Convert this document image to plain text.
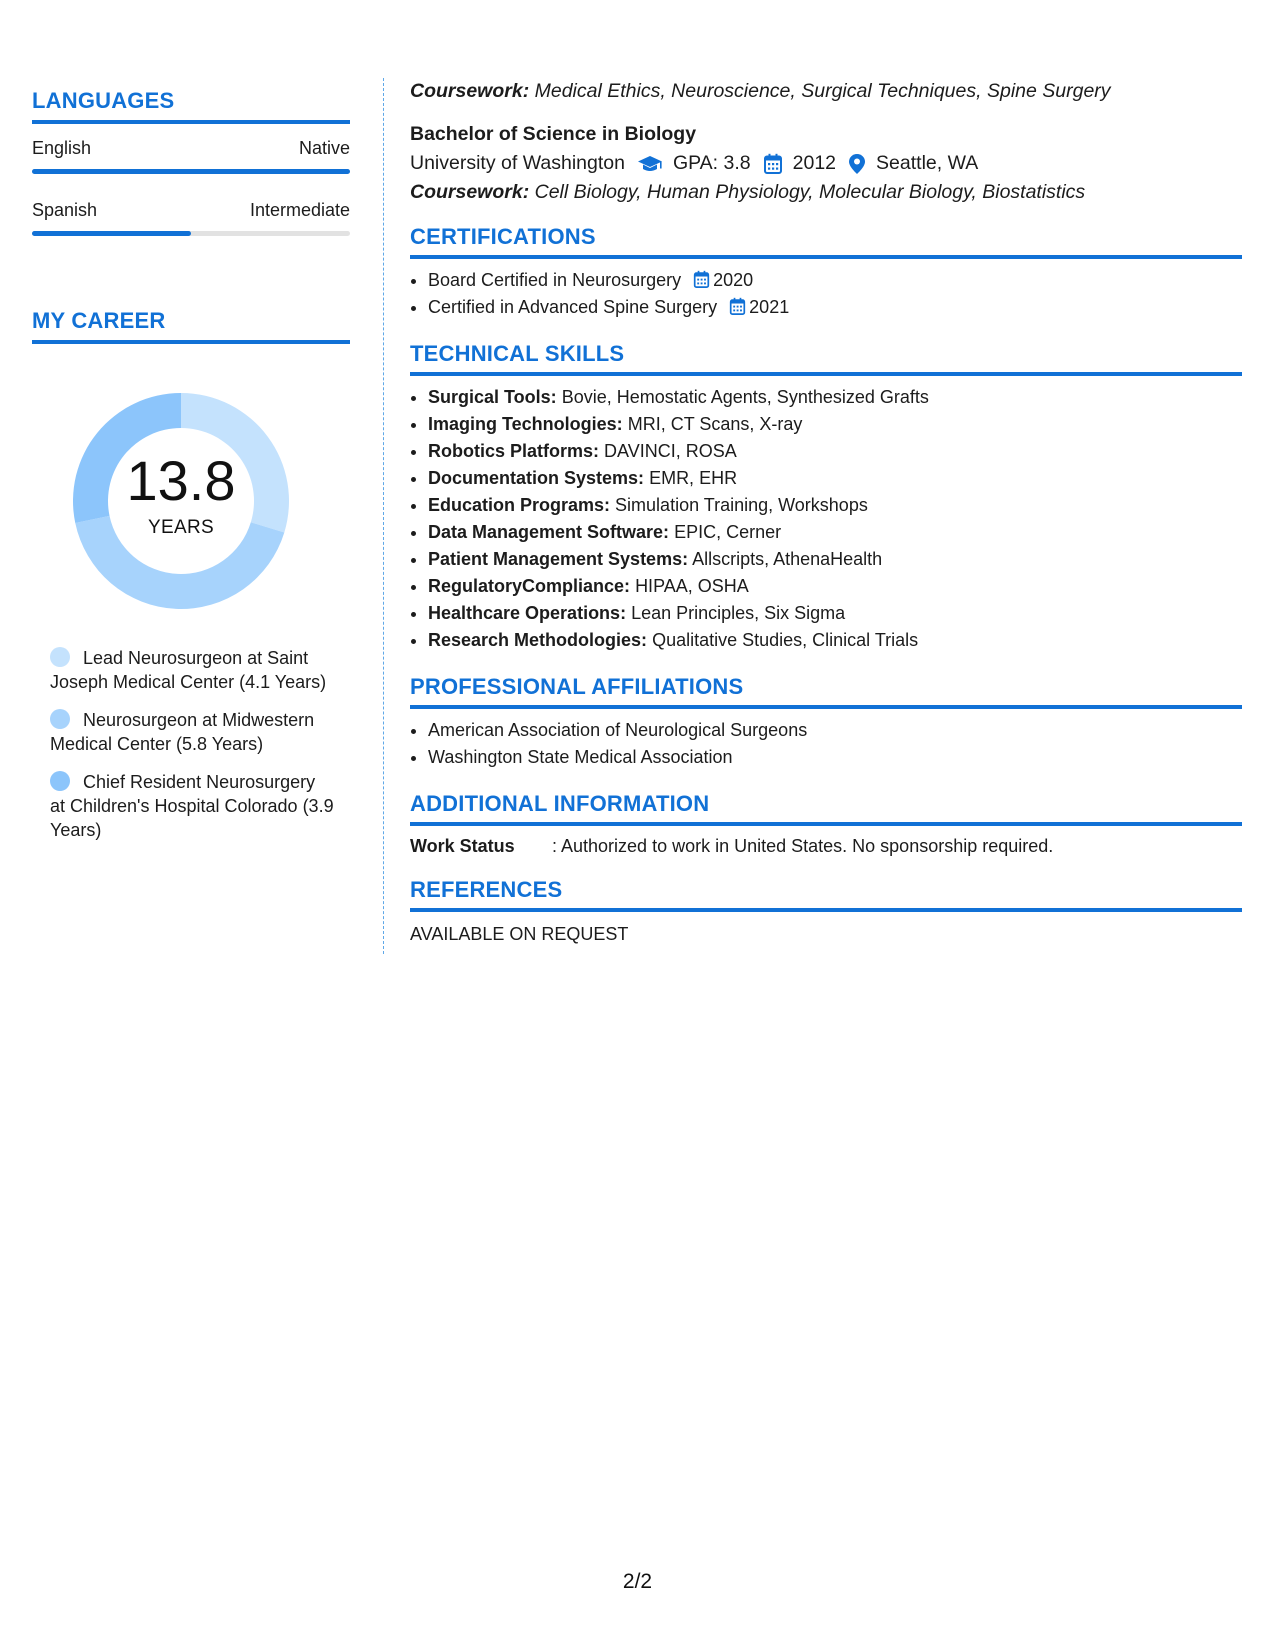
LANGUAGES
English	Native
Spanish	Intermediate
MY CAREER
13.8
YEARS
Lead Neurosurgeon at Saint Joseph Medical Center (4.1 Years)
Neurosurgeon at Midwestern Medical Center (5.8 Years)
Chief Resident Neurosurgery at Children's Hospital Colorado (3.9 Years)
Coursework: Medical Ethics, Neuroscience, Surgical Techniques, Spine Surgery
Bachelor of Science in Biology
University of Washington GPA: 3.8 2012 Seattle, WA
Coursework: Cell Biology, Human Physiology, Molecular Biology, Biostatistics
CERTIFICATIONS
• Board Certified in Neurosurgery 2020
• Certified in Advanced Spine Surgery 2021
TECHNICAL SKILLS
• Surgical Tools: Bovie, Hemostatic Agents, Synthesized Grafts
• Imaging Technologies: MRI, CT Scans, X-ray
• Robotics Platforms: DAVINCI, ROSA
• Documentation Systems: EMR, EHR
• Education Programs: Simulation Training, Workshops
• Data Management Software: EPIC, Cerner
• Patient Management Systems: Allscripts, AthenaHealth
• RegulatoryCompliance: HIPAA, OSHA
• Healthcare Operations: Lean Principles, Six Sigma
• Research Methodologies: Qualitative Studies, Clinical Trials
PROFESSIONAL AFFILIATIONS
• American Association of Neurological Surgeons
• Washington State Medical Association
ADDITIONAL INFORMATION
Work Status	: Authorized to work in United States. No sponsorship required.
REFERENCES
AVAILABLE ON REQUEST
2/2
